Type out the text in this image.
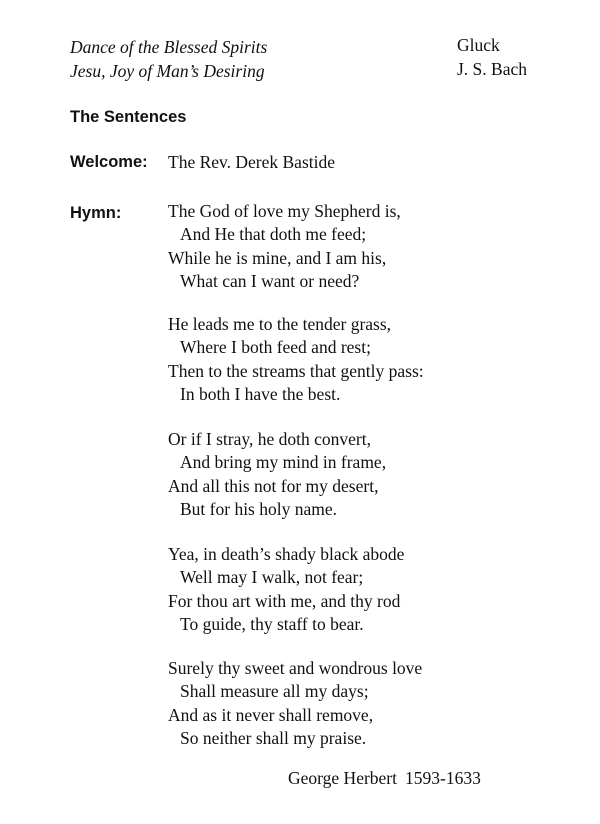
Dance of the Blessed Spirits	Gluck
Jesu, Joy of Man’s Desiring	J. S. Bach
The Sentences
Welcome: The Rev. Derek Bastide
Hymn:	The God of love my Shepherd is,
And He that doth me feed;
While he is mine, and I am his,
What can I want or need?
He leads me to the tender grass,
Where I both feed and rest;
Then to the streams that gently pass:
In both I have the best.
Or if I stray, he doth convert,
And bring my mind in frame,
And all this not for my desert,
But for his holy name.
Yea, in death’s shady black abode
Well may I walk, not fear;
For thou art with me, and thy rod
To guide, thy staff to bear.
Surely thy sweet and wondrous love
Shall measure all my days;
And as it never shall remove,
So neither shall my praise.
George Herbert 1593-1633
